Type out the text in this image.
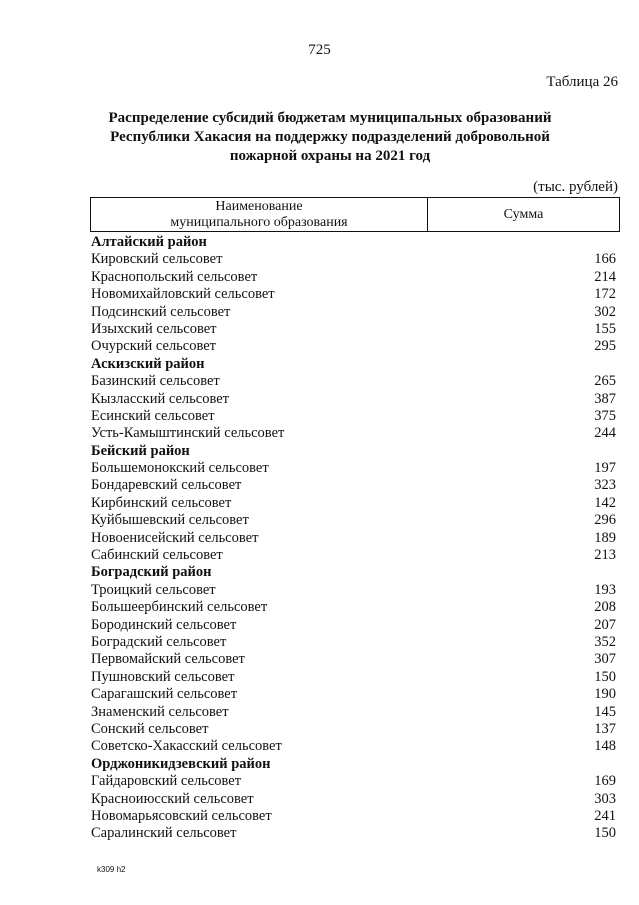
725
Таблица 26
Распределение субсидий бюджетам муниципальных образований
Республики Хакасия на поддержку подразделений добровольной
пожарной охраны на 2021 год
(тыс. рублей)
Наименование
муниципального образования
Сумма
Алтайский район
Кировский сельсовет	166
Краснопольский сельсовет	214
Новомихайловский сельсовет	172
Подсинский сельсовет	302
Изыхский сельсовет	155
Очурский сельсовет	295
Аскизский район
Базинский сельсовет	265
Кызласский сельсовет	387
Есинский сельсовет	375
Усть-Камыштинский сельсовет	244
Бейский район
Большемонокский сельсовет	197
Бондаревский сельсовет	323
Кирбинский сельсовет	142
Куйбышевский сельсовет	296
Новоенисейский сельсовет	189
Сабинский сельсовет	213
Боградский район
Троицкий сельсовет	193
Большеербинский сельсовет	208
Бородинский сельсовет	207
Боградский сельсовет	352
Первомайский сельсовет	307
Пушновский сельсовет	150
Сарагашский сельсовет	190
Знаменский сельсовет	145
Сонский сельсовет	137
Советско-Хакасский сельсовет	148
Орджоникидзевский район
Гайдаровский сельсовет	169
Красноиюсский сельсовет	303
Новомарьясовский сельсовет	241
Саралинский сельсовет	150
k309 h2
